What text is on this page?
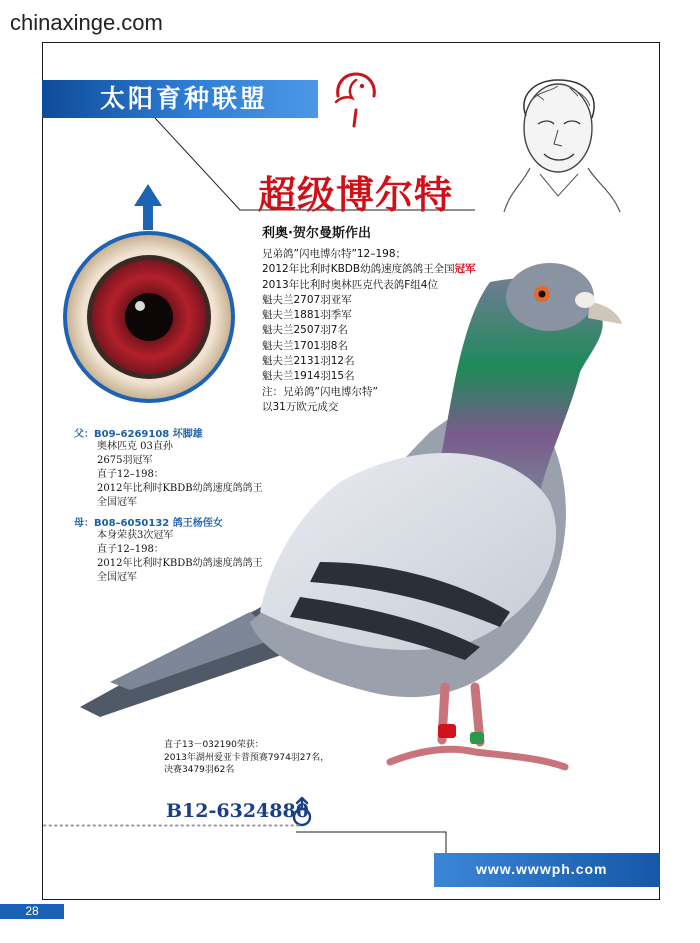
chinaxinge.com
太阳育种联盟
超级博尔特
利奥·贺尔曼斯作出
兄弟鸽”闪电博尔特”12–198；
2012年比利时KBDB幼鸽速度鸽鸽王全国冠军
2013年比利时奥林匹克代表鸽F组4位
魁夫兰2707羽亚军
魁夫兰1881羽季军
魁夫兰2507羽7名
魁夫兰1701羽8名
魁夫兰2131羽12名
魁夫兰1914羽15名
注：兄弟鸽”闪电博尔特”
以31万欧元成交
父：B09–6269108 坏脚雄
奥林匹克 03直孙
2675羽冠军
直子12–198：
2012年比利时KBDB幼鸽速度鸽鸽王
全国冠军
母：B08–6050132 鸽王杨侄女
本身荣获3次冠军
直子12–198：
2012年比利时KBDB幼鸽速度鸽鸽王
全国冠军
直子13－032190荣获：
2013年湖州爱亚卡普预赛7974羽27名，
决赛3479羽62名
B12-6324880
www.wwwph.com
28
